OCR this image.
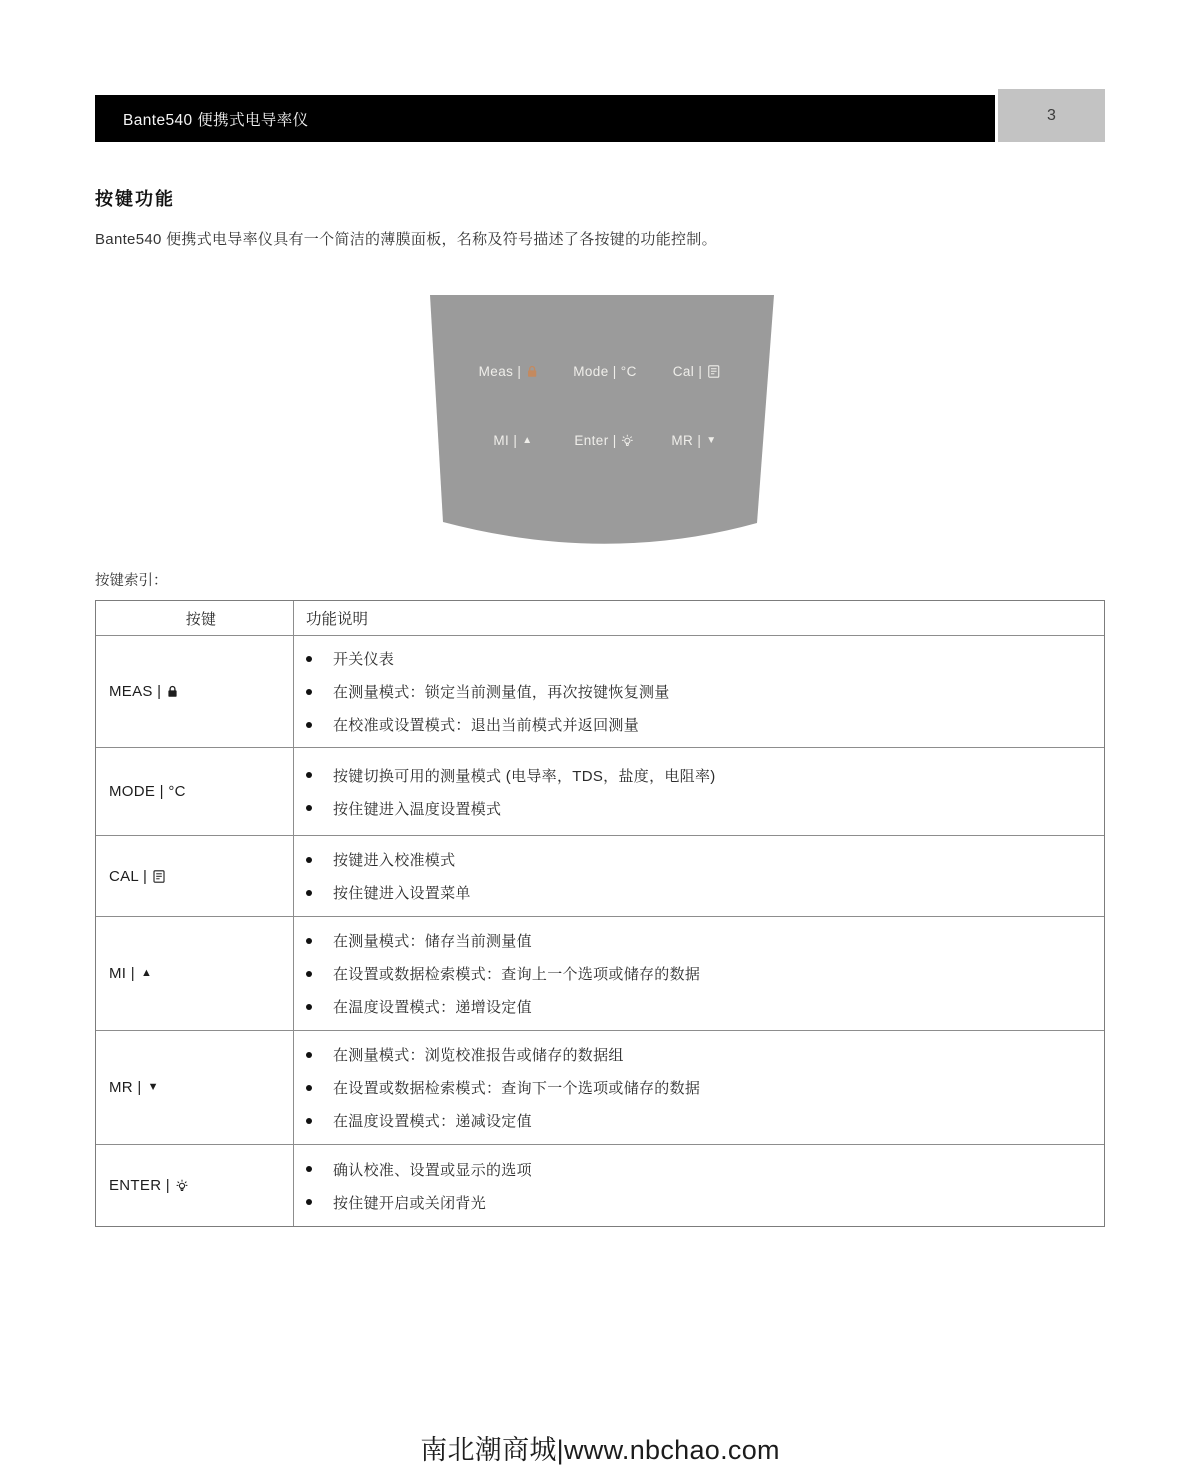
Bante540 便携式电导率仪	3
按键功能
Bante540 便携式电导率仪具有一个简洁的薄膜面板，名称及符号描述了各按键的功能控制。
Meas |	Mode | °C	Cal |
MI | ▲	Enter |	MR | ▼
按键索引：
按键	功能说明
MEAS |
开关仪表
在测量模式：锁定当前测量值，再次按键恢复测量
在校准或设置模式：退出当前模式并返回测量
MODE | °C
按键切换可用的测量模式 (电导率，TDS，盐度，电阻率)
按住键进入温度设置模式
CAL |
按键进入校准模式
按住键进入设置菜单
MI | ▲
在测量模式：储存当前测量值
在设置或数据检索模式：查询上一个选项或储存的数据
在温度设置模式：递增设定值
MR | ▼
在测量模式：浏览校准报告或储存的数据组
在设置或数据检索模式：查询下一个选项或储存的数据
在温度设置模式：递减设定值
ENTER |
确认校准、设置或显示的选项
按住键开启或关闭背光
南北潮商城|www.nbchao.com
